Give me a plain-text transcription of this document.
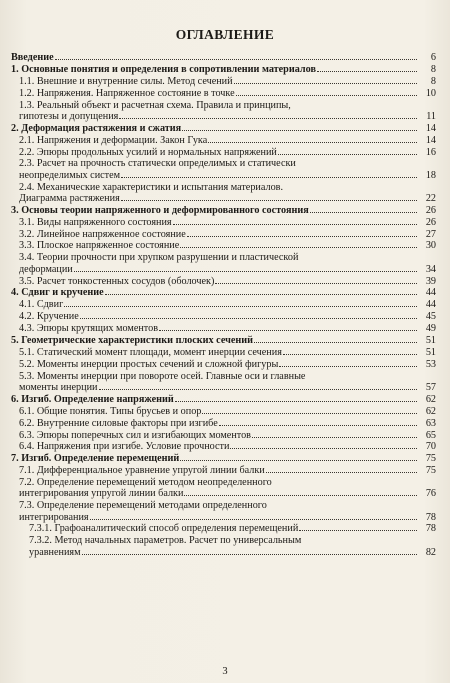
ОГЛАВЛЕНИЕ
Введение	6
1. Основные понятия и определения в сопротивлении материалов	8
1.1. Внешние и внутренние силы. Метод сечений	8
1.2. Напряжения. Напряженное состояние в точке	10
1.3. Реальный объект и расчетная схема. Правила и принципы,
гипотезы и допущения	11
2. Деформация растяжения и сжатия	14
2.1. Напряжения и деформации. Закон Гука	14
2.2. Эпюры продольных усилий и нормальных напряжений	16
2.3. Расчет на прочность статически определимых и статически
неопределимых систем	18
2.4. Механические характеристики и испытания материалов.
Диаграмма растяжения	22
3. Основы теории напряженного и деформированного состояния	26
3.1. Виды напряженного состояния	26
3.2. Линейное напряженное состояние	27
3.3. Плоское напряженное состояние	30
3.4. Теории прочности при хрупком разрушении и пластической
деформации	34
3.5. Расчет тонкостенных сосудов (оболочек)	39
4. Сдвиг и кручение	44
4.1. Сдвиг	44
4.2. Кручение	45
4.3. Эпюры крутящих моментов	49
5. Геометрические характеристики плоских сечений	51
5.1. Статический момент площади, момент инерции сечения	51
5.2. Моменты инерции простых сечений и сложной фигуры	53
5.3. Моменты инерции при повороте осей. Главные оси и главные
моменты инерции	57
6. Изгиб. Определение напряжений	62
6.1. Общие понятия. Типы брусьев и опор	62
6.2. Внутренние силовые факторы при изгибе	63
6.3. Эпюры поперечных сил и изгибающих моментов	65
6.4. Напряжения при изгибе. Условие прочности	70
7. Изгиб. Определение перемещений	75
7.1. Дифференциальное уравнение упругой линии балки	75
7.2. Определение перемещений методом неопределенного
интегрирования упругой линии балки	76
7.3. Определение перемещений методами определенного
интегрирования	78
7.3.1. Графоаналитический способ определения перемещений	78
7.3.2. Метод начальных параметров. Расчет по универсальным
уравнениям	82
3
